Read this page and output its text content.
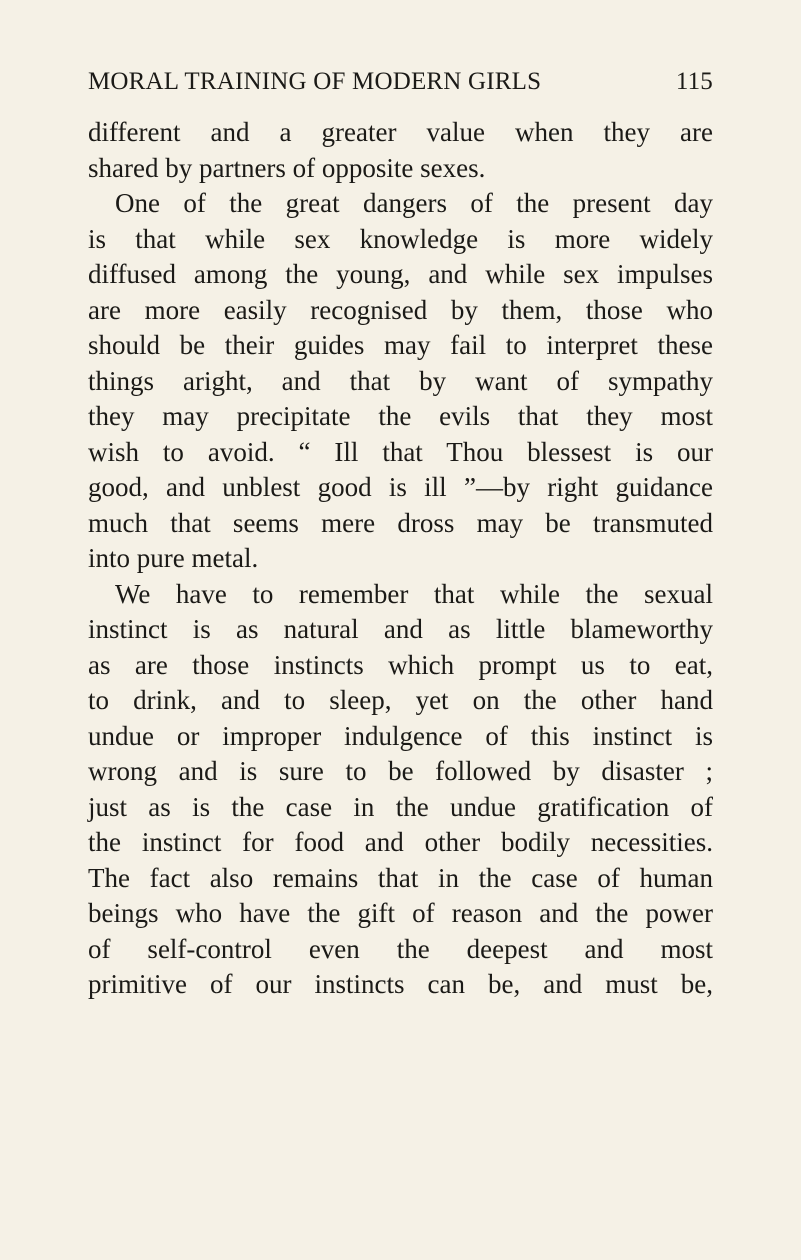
MORAL TRAINING OF MODERN GIRLS	115
different and a greater value when they are
shared by partners of opposite sexes.
One of the great dangers of the present day
is that while sex knowledge is more widely
diffused among the young, and while sex impulses
are more easily recognised by them, those who
should be their guides may fail to interpret these
things aright, and that by want of sympathy
they may precipitate the evils that they most
wish to avoid. “ Ill that Thou blessest is our
good, and unblest good is ill ”—by right guidance
much that seems mere dross may be transmuted
into pure metal.
We have to remember that while the sexual
instinct is as natural and as little blameworthy
as are those instincts which prompt us to eat,
to drink, and to sleep, yet on the other hand
undue or improper indulgence of this instinct is
wrong and is sure to be followed by disaster ;
just as is the case in the undue gratification of
the instinct for food and other bodily necessities.
The fact also remains that in the case of human
beings who have the gift of reason and the power
of self-control even the deepest and most
primitive of our instincts can be, and must be,
